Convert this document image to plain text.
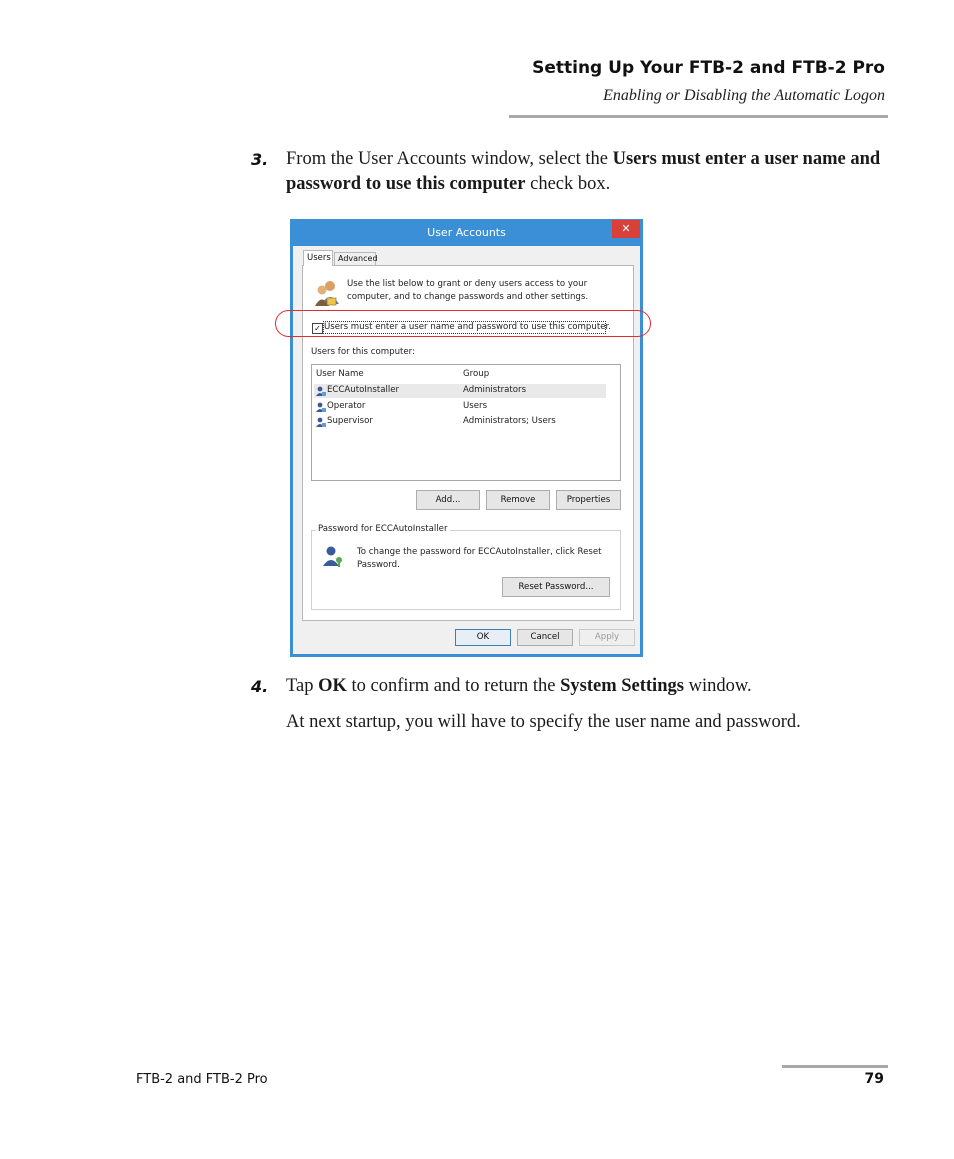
Setting Up Your FTB-2 and FTB-2 Pro
Enabling or Disabling the Automatic Logon
3. From the User Accounts window, select the Users must enter a user name and password to use this computer check box.
User Accounts	✕
Users Advanced
Use the list below to grant or deny users access to your
computer, and to change passwords and other settings.
✓ Users must enter a user name and password to use this computer.
Users for this computer:
User Name	Group
ECCAutoInstaller	Administrators
Operator	Users
Supervisor	Administrators; Users
Add...	Remove	Properties
Password for ECCAutoInstaller
To change the password for ECCAutoInstaller, click Reset
Password.
Reset Password...
OK	Cancel	Apply
4. Tap OK to confirm and to return the System Settings window.
At next startup, you will have to specify the user name and password.
FTB-2 and FTB-2 Pro	79
